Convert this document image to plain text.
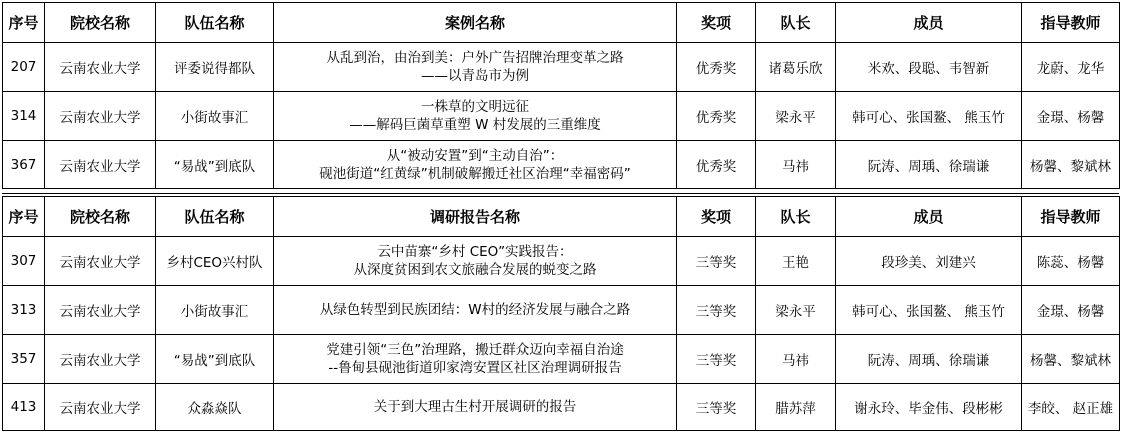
序号	院校名称	队伍名称	案例名称	奖项	队长	成员	指导教师
207	云南农业大学	评委说得都队	从乱到治，由治到美：户外广告招牌治理变革之路
——以青岛市为例	优秀奖	诸葛乐欣	米欢、段聪、韦智新	龙蔚、龙华
314	云南农业大学	小街故事汇	一株草的文明远征
——解码巨菌草重塑 W 村发展的三重维度	优秀奖	梁永平	韩可心、张国鳌、 熊玉竹	金璟、杨馨
367	云南农业大学	“易战”到底队	从“被动安置”到“主动自治”：
砚池街道“红黄绿”机制破解搬迁社区治理“幸福密码”	优秀奖	马祎	阮涛、周瑀、徐瑞谦	杨馨、黎斌林
序号	院校名称	队伍名称	调研报告名称	奖项	队长	成员	指导教师
307	云南农业大学	乡村CEO兴村队	云中苗寨“乡村 CEO”实践报告：
从深度贫困到农文旅融合发展的蜕变之路	三等奖	王艳	段珍美、刘建兴	陈蕊、杨馨
313	云南农业大学	小街故事汇	从绿色转型到民族团结：W村的经济发展与融合之路	三等奖	梁永平	韩可心、张国鳌、 熊玉竹	金璟、杨馨
357	云南农业大学	“易战”到底队	党建引领“三色”治理路，搬迁群众迈向幸福自治途
--鲁甸县砚池街道卯家湾安置区社区治理调研报告	三等奖	马祎	阮涛、周瑀、徐瑞谦	杨馨、黎斌林
413	云南农业大学	众淼焱队	关于到大理古生村开展调研的报告	三等奖	腊苏萍	谢永玲、毕金伟、段彬彬	李皎、 赵正雄
